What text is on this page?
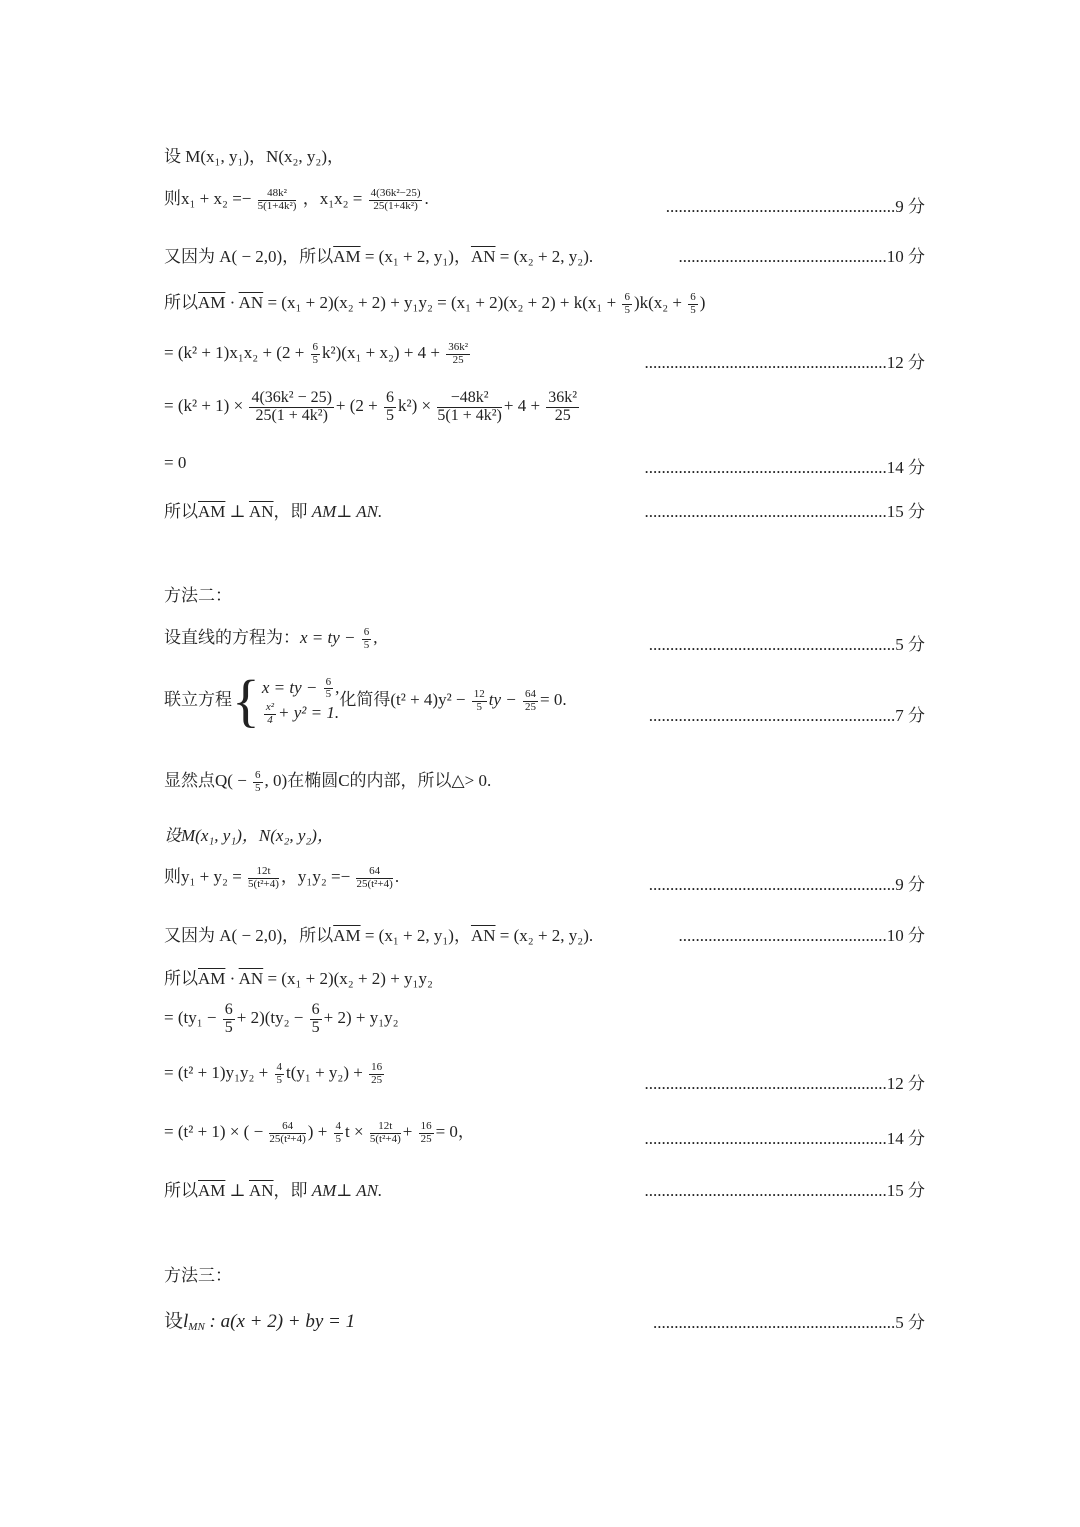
设 M(x₁, y₁)，N(x₂, y₂)，
则$x_1 + x_2 =- \frac{\text{48k²}}{\text{5(1+4k²)}}$ ，$x_1x_2 = \frac{\text{4(36k²−25)}}{\text{25(1+4k²)}}$ .	......................................................9 分
又因为 A( − 2,0)，所以$\overline{AM} = (x_1 + 2$, y₁)，$\overline{AN} = (x_2 + 2$, y₂).	.................................................10 分
所以$\overline{AM} \cdot \overline{AN} = (x_1 + 2)(x_2 + 2) + y_1y_2 = (x_1 + 2)(x_2 + 2) + k(x_1 + \frac{6}{5} )k(x_2 + \frac{6}{5}$ )
= $(k^2 + 1)x_1x_2 + (2 + \frac{6}{5} k^2)(x_1 + x_2) + 4 + \frac{\text{36k²}}{25}$	.........................................................12 分
= $(k^2 + 1) \times \frac{\text{4(36k² − 25)}}{\text{25(1 + 4k²)}} + (2 + \frac{6}{5} k^2) \times \frac{\text{−48k²}}{\text{5(1 + 4k²)}} + 4 + \frac{\text{36k²}}{25}$
= 0	.........................................................14 分
所以$\overline{AM}$ ⊥ $\overline{AN}$，即 AM⊥ AN.	.........................................................15 分
方法二：
设直线的方程为：x = ty − $\frac{6}{5}$ ,	..........................................................5 分
联立方程{ x = ty − $\frac{6}{5}$ ,
$\frac{\text{x²}}{4} + y^2 = 1$.
化简得$(t^2 + 4)y^2 - \frac{12}{5}$ ty − $\frac{64}{25} = 0$.
..........................................................7 分
显然点$Q( - \frac{6}{5}$ , 0)在椭圆C的内部，所以△> 0.
设M(x₁, y₁)，N(x₂, y₂)，
则$y_1 + y_2 = \frac{12t}{\text{5(t²+4)}}$ ，$y_1y_2 =- \frac{64}{\text{25(t²+4)}}$ .	..........................................................9 分
又因为 A( − 2,0)，所以$\overline{AM} = (x_1 + 2$, y₁)，$\overline{AN} = (x_2 + 2$, y₂).	.................................................10 分
所以$\overline{AM} \cdot \overline{AN} = (x_1 + 2)(x_2 + 2) + y_1y_2$
= $(ty_1 - \frac{6}{5} + 2)(ty_2 - \frac{6}{5} + 2) + y_1y_2$
= $(t^2 + 1)y_1y_2 + \frac{4}{5} t(y_1 + y_2) + \frac{16}{25}$	.........................................................12 分
= (t² + 1) × ( − $\frac{64}{\text{25(t²+4)}}$ ) + $\frac{4}{5}$ $t \times \frac{12t}{\text{5(t²+4)}} + \frac{16}{25} = 0$，	.........................................................14 分
所以$\overline{AM}$ ⊥ $\overline{AN}$，即 AM⊥ AN.	.........................................................15 分
方法三：
设$l_{MN}$ : a(x + 2) + by = 1	.........................................................5 分
